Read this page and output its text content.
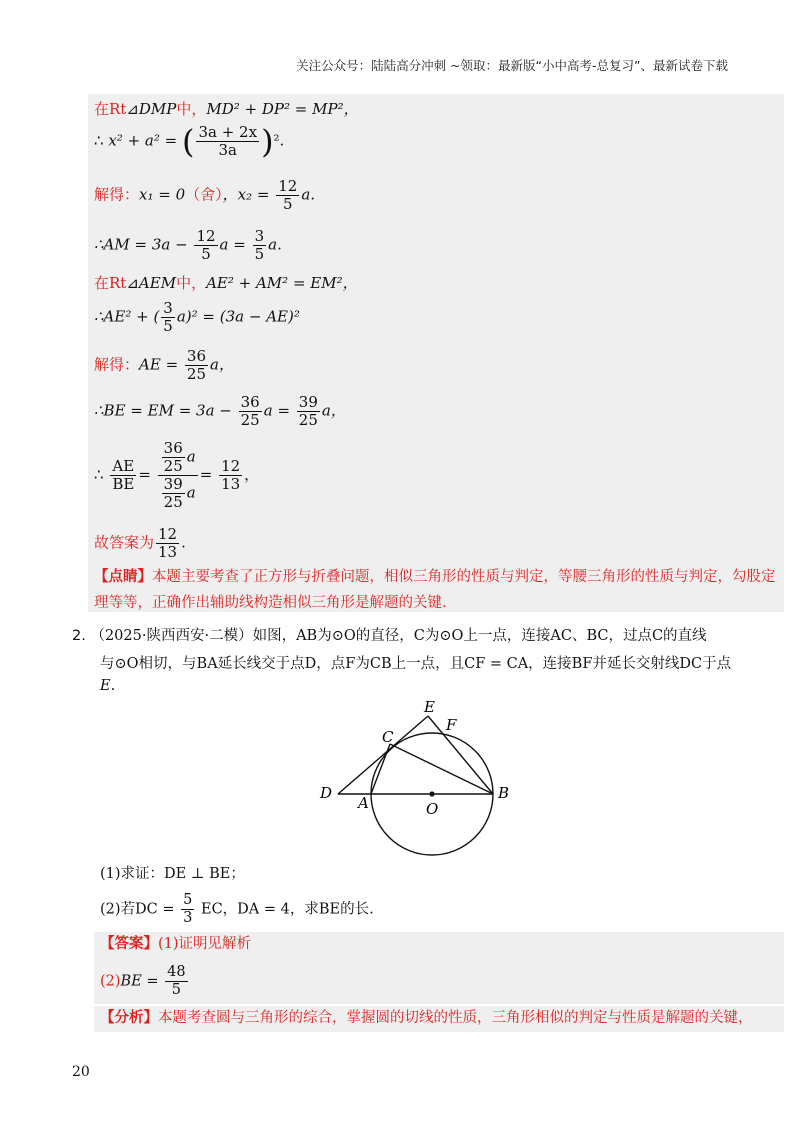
关注公众号：陆陆高分冲刺 ~领取：最新版“小中高考-总复习”、最新试卷下载
在Rt⊿DMP中，MD² + DP² = MP²，
∴ x² + a² = ( $\frac{3a + 2x}{3a} )^2$.
解得：x₁ = 0（舍），$x_2 = \frac{12}{5} a$.
∴AM = $3a - \frac{12}{5}$ $a = \frac{3}{5} a$.
在Rt⊿AEM中，AE² + AM² = EM²，
∴AE² + ( $\frac{3}{5} a)^2 = (3a - AE)^2$
解得：AE = $\frac{36}{25}$ a，
∴BE = EM = $3a - \frac{36}{25}$ $a = \frac{39}{25}$ a，
∴ $\frac{AE}{BE} = \frac{\frac{36}{25} a}{\frac{39}{25} a} = \frac{12}{13}$ ，
故答案为 $\frac{12}{13}$ .
【点睛】本题主要考查了正方形与折叠问题，相似三角形的性质与判定，等腰三角形的性质与判定，勾股定理等等，正确作出辅助线构造相似三角形是解题的关键.
2. （2025·陕西西安·二模）如图，AB为⊙O的直径，C为⊙O上一点，连接AC、BC，过点C的直线
与⊙O相切，与BA延长线交于点D，点F为CB上一点，且CF = CA，连接BF并延长交射线DC于点
E.
E
F
C
D
A	O
B
(1)求证：DE ⊥ BE；
(2)若DC = $\frac{5}{3}$ EC，DA = 4，求BE的长.
【答案】(1)证明见解析
$(2)BE = \frac{48}{5}$
【分析】本题考查圆与三角形的综合，掌握圆的切线的性质，三角形相似的判定与性质是解题的关键，
20
